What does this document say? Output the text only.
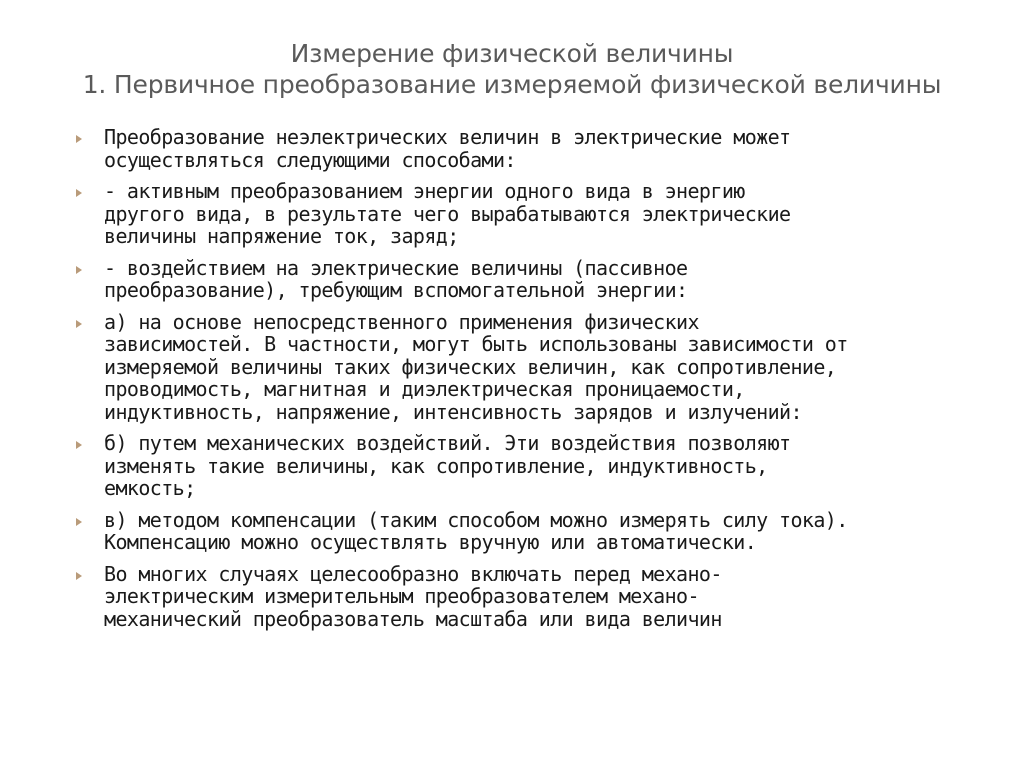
Измерение физической величины
1. Первичное преобразование измеряемой физической величины
Преобразование неэлектрических величин в электрические может
осуществляться следующими способами:
- активным преобразованием энергии одного вида в энергию
другого вида, в результате чего вырабатываются электрические
величины напряжение ток, заряд;
- воздействием на электрические величины (пассивное
преобразование), требующим вспомогательной энергии:
а) на основе непосредственного применения физических
зависимостей. В частности, могут быть использованы зависимости от
измеряемой величины таких физических величин, как сопротивление,
проводимость, магнитная и диэлектрическая проницаемости,
индуктивность, напряжение, интенсивность зарядов и излучений:
б) путем механических воздействий. Эти воздействия позволяют
изменять такие величины, как сопротивление, индуктивность,
емкость;
в) методом компенсации (таким способом можно измерять силу тока).
Компенсацию можно осуществлять вручную или автоматически.
Во многих случаях целесообразно включать перед механо-
электрическим измерительным преобразователем механо-
механический преобразователь масштаба или вида величин
